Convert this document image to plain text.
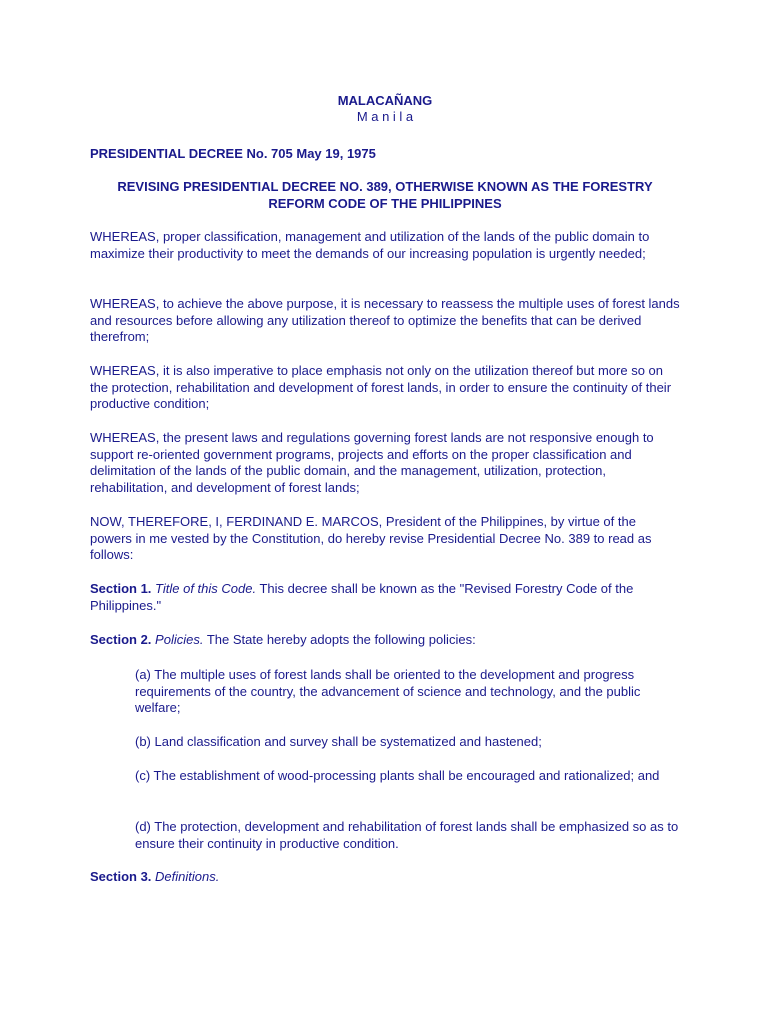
MALACAÑANG
M a n i l a
PRESIDENTIAL DECREE No. 705 May 19, 1975
REVISING PRESIDENTIAL DECREE NO. 389, OTHERWISE KNOWN AS THE FORESTRY REFORM CODE OF THE PHILIPPINES

WHEREAS, proper classification, management and utilization of the lands of the public domain to maximize their productivity to meet the demands of our increasing population is urgently needed;

WHEREAS, to achieve the above purpose, it is necessary to reassess the multiple uses of forest lands and resources before allowing any utilization thereof to optimize the benefits that can be derived therefrom;

WHEREAS, it is also imperative to place emphasis not only on the utilization thereof but more so on the protection, rehabilitation and development of forest lands, in order to ensure the continuity of their productive condition;

WHEREAS, the present laws and regulations governing forest lands are not responsive enough to support re-oriented government programs, projects and efforts on the proper classification and delimitation of the lands of the public domain, and the management, utilization, protection, rehabilitation, and development of forest lands;

NOW, THEREFORE, I, FERDINAND E. MARCOS, President of the Philippines, by virtue of the powers in me vested by the Constitution, do hereby revise Presidential Decree No. 389 to read as follows:

Section 1. Title of this Code. This decree shall be known as the "Revised Forestry Code of the Philippines."

Section 2. Policies. The State hereby adopts the following policies:

(a) The multiple uses of forest lands shall be oriented to the development and progress requirements of the country, the advancement of science and technology, and the public welfare;

(b) Land classification and survey shall be systematized and hastened;

(c) The establishment of wood-processing plants shall be encouraged and rationalized; and

(d) The protection, development and rehabilitation of forest lands shall be emphasized so as to ensure their continuity in productive condition.

Section 3. Definitions.
